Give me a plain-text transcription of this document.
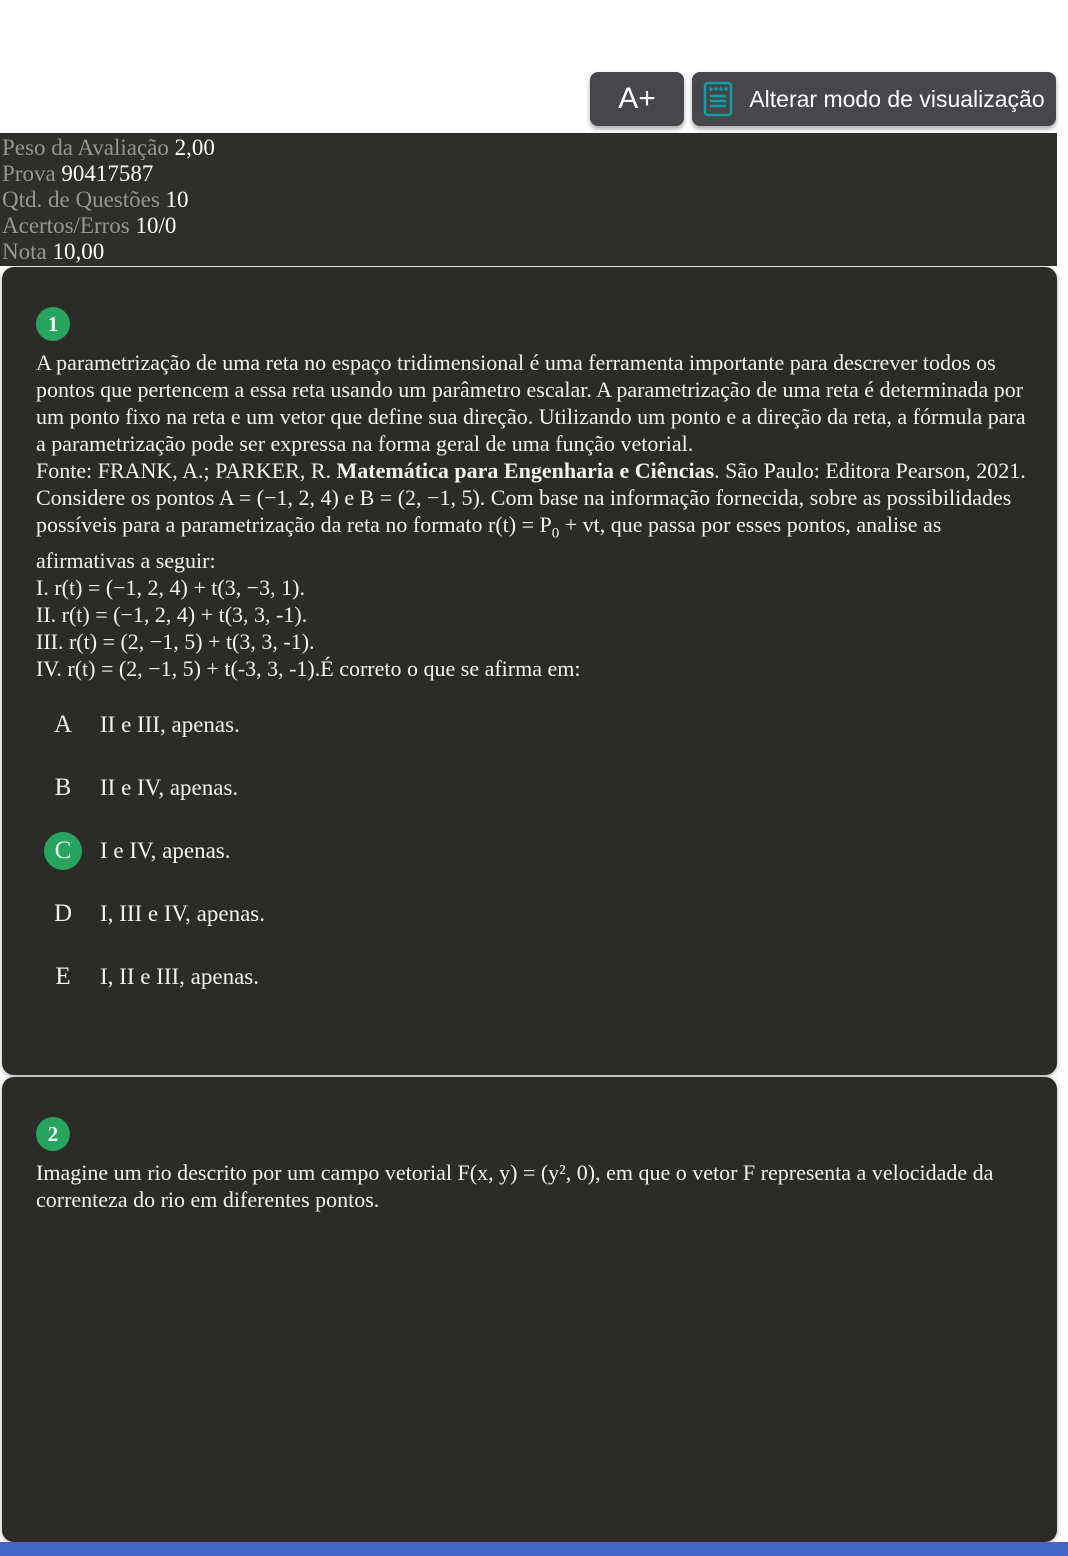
A+	Alterar modo de visualização
Peso da Avaliação 2,00
Prova 90417587
Qtd. de Questões 10
Acertos/Erros 10/0
Nota 10,00
1
A parametrização de uma reta no espaço tridimensional é uma ferramenta importante para descrever todos os pontos que pertencem a essa reta usando um parâmetro escalar. A parametrização de uma reta é determinada por um ponto fixo na reta e um vetor que define sua direção. Utilizando um ponto e a direção da reta, a fórmula para a parametrização pode ser expressa na forma geral de uma função vetorial.
Fonte: FRANK, A.; PARKER, R. Matemática para Engenharia e Ciências. São Paulo: Editora Pearson, 2021.
Considere os pontos A = (−1, 2, 4) e B = (2, −1, 5). Com base na informação fornecida, sobre as possibilidades possíveis para a parametrização da reta no formato $r(t) = P_0$ + vt, que passa por esses pontos, analise as afirmativas a seguir:
I. r(t) = (−1, 2, 4) + t(3, −3, 1).
II. r(t) = (−1, 2, 4) + t(3, 3, -1).
III. r(t) = (2, −1, 5) + t(3, 3, -1).
IV. r(t) = (2, −1, 5) + t(-3, 3, -1).É correto o que se afirma em:
A	II e III, apenas.
B	II e IV, apenas.
C	I e IV, apenas.
D	I, III e IV, apenas.
E	I, II e III, apenas.
2
Imagine um rio descrito por um campo vetorial F(x, y) = (y², 0), em que o vetor F representa a velocidade da correnteza do rio em diferentes pontos.
